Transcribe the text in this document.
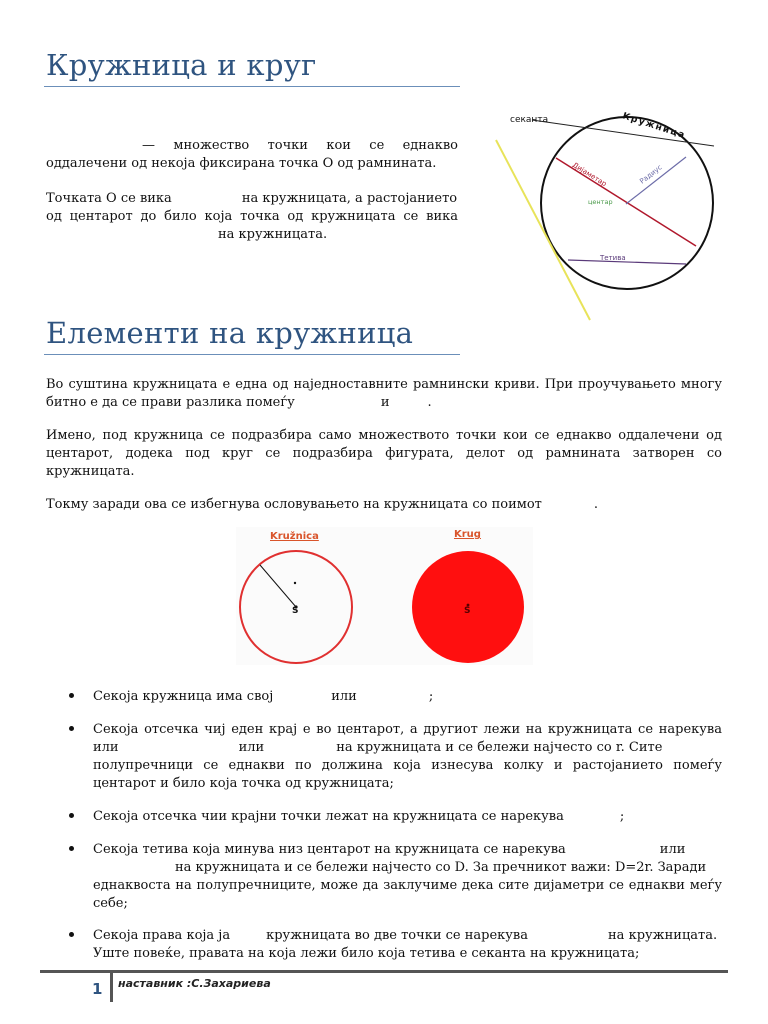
Кружница и круг
— множество точки кои се еднакво
оддалечени од некоја фиксирана точка О од рамнината.
Точката О се вика	на кружницата, а растојанието
од центарот до било која точка од кружницата се вика
на кружницата.
секанта	Кружница
Дијаметар	Радиус
центар
Тетива
Елементи на кружница
Во суштина кружницата е една од наједноставните рамнински криви. При проучувањето многу
битно е да се прави разлика помеѓу	и	.
Имено, под кружница се подразбира само множеството точки кои се еднакво оддалечени од
центарот, додека под круг се подразбира фигурата, делот од рамнината затворен со
кружницата.
Токму заради ова се избегнува ословувањето на кружницата со поимот	.
Kružnica	Krug
S	S
Секоја кружница има свој	или	;
Секоја отсечка чиј еден крај е во центарот, а другиот лежи на кружницата се нарекува
или	или	на кружницата и се бележи најчесто со r. Сите
полупречници се еднакви по должина која изнесува колку и растојанието помеѓу
центарот и било која точка од кружницата;
Секоја отсечка чии крајни точки лежат на кружницата се нарекува	;
Секоја тетива која минува низ центарот на кружницата се нарекува	или
на кружницата и се бележи најчесто со D. За пречникот важи: D=2r. Заради
еднаквоста на полупречниците, може да заклучиме дека сите дијаметри се еднакви меѓу
себе;
Секоја права која ја	кружницата во две точки се нарекува	на кружницата.
Уште повеќе, правата на која лежи било која тетива е секанта на кружницата;
1 наставник :С.Захариева
